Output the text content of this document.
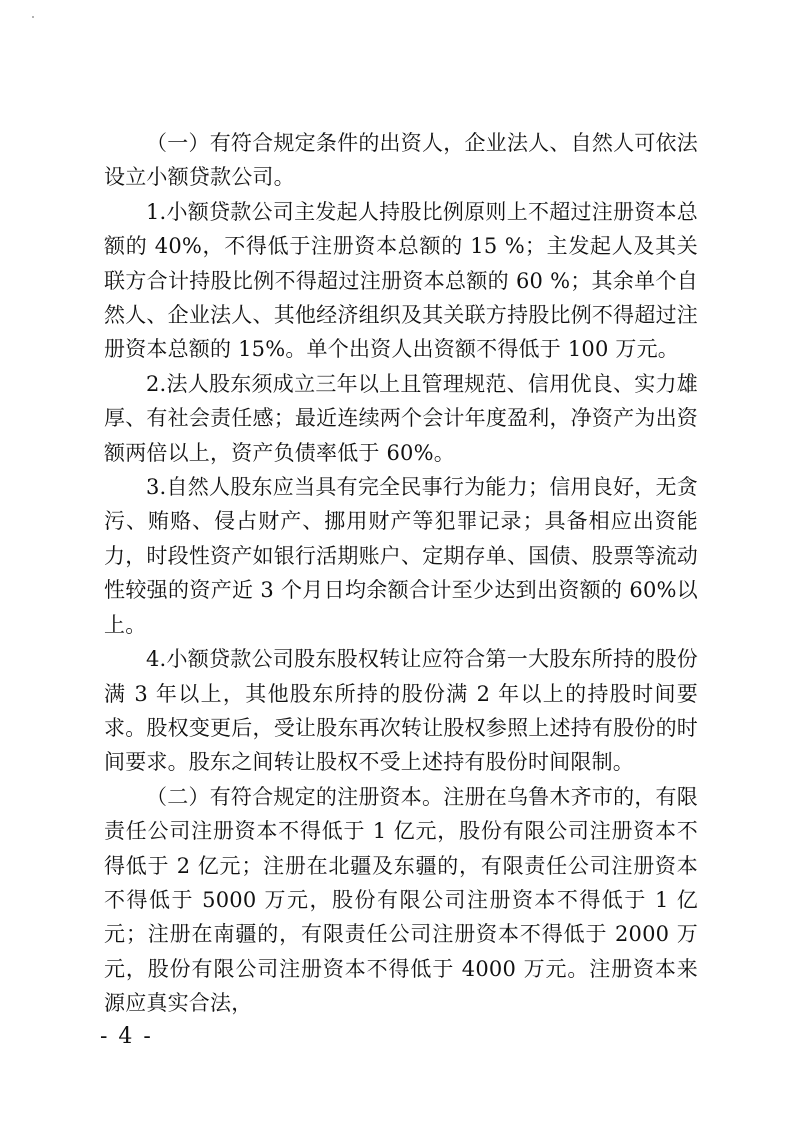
（一）有符合规定条件的出资人，企业法人、自然人可依法设立小额贷款公司。

1.小额贷款公司主发起人持股比例原则上不超过注册资本总额的 40%，不得低于注册资本总额的 15 %；主发起人及其关联方合计持股比例不得超过注册资本总额的 60 %；其余单个自然人、企业法人、其他经济组织及其关联方持股比例不得超过注册资本总额的 15%。单个出资人出资额不得低于 100 万元。

2.法人股东须成立三年以上且管理规范、信用优良、实力雄厚、有社会责任感；最近连续两个会计年度盈利，净资产为出资额两倍以上，资产负债率低于 60%。

3.自然人股东应当具有完全民事行为能力；信用良好，无贪污、贿赂、侵占财产、挪用财产等犯罪记录；具备相应出资能力，时段性资产如银行活期账户、定期存单、国债、股票等流动性较强的资产近 3 个月日均余额合计至少达到出资额的 60%以上。

4.小额贷款公司股东股权转让应符合第一大股东所持的股份满 3 年以上，其他股东所持的股份满 2 年以上的持股时间要求。股权变更后，受让股东再次转让股权参照上述持有股份的时间要求。股东之间转让股权不受上述持有股份时间限制。

（二）有符合规定的注册资本。注册在乌鲁木齐市的，有限责任公司注册资本不得低于 1 亿元，股份有限公司注册资本不得低于 2 亿元；注册在北疆及东疆的，有限责任公司注册资本不得低于 5000 万元，股份有限公司注册资本不得低于 1 亿元；注册在南疆的，有限责任公司注册资本不得低于 2000 万元，股份有限公司注册资本不得低于 4000 万元。注册资本来源应真实合法，

- 4 -
